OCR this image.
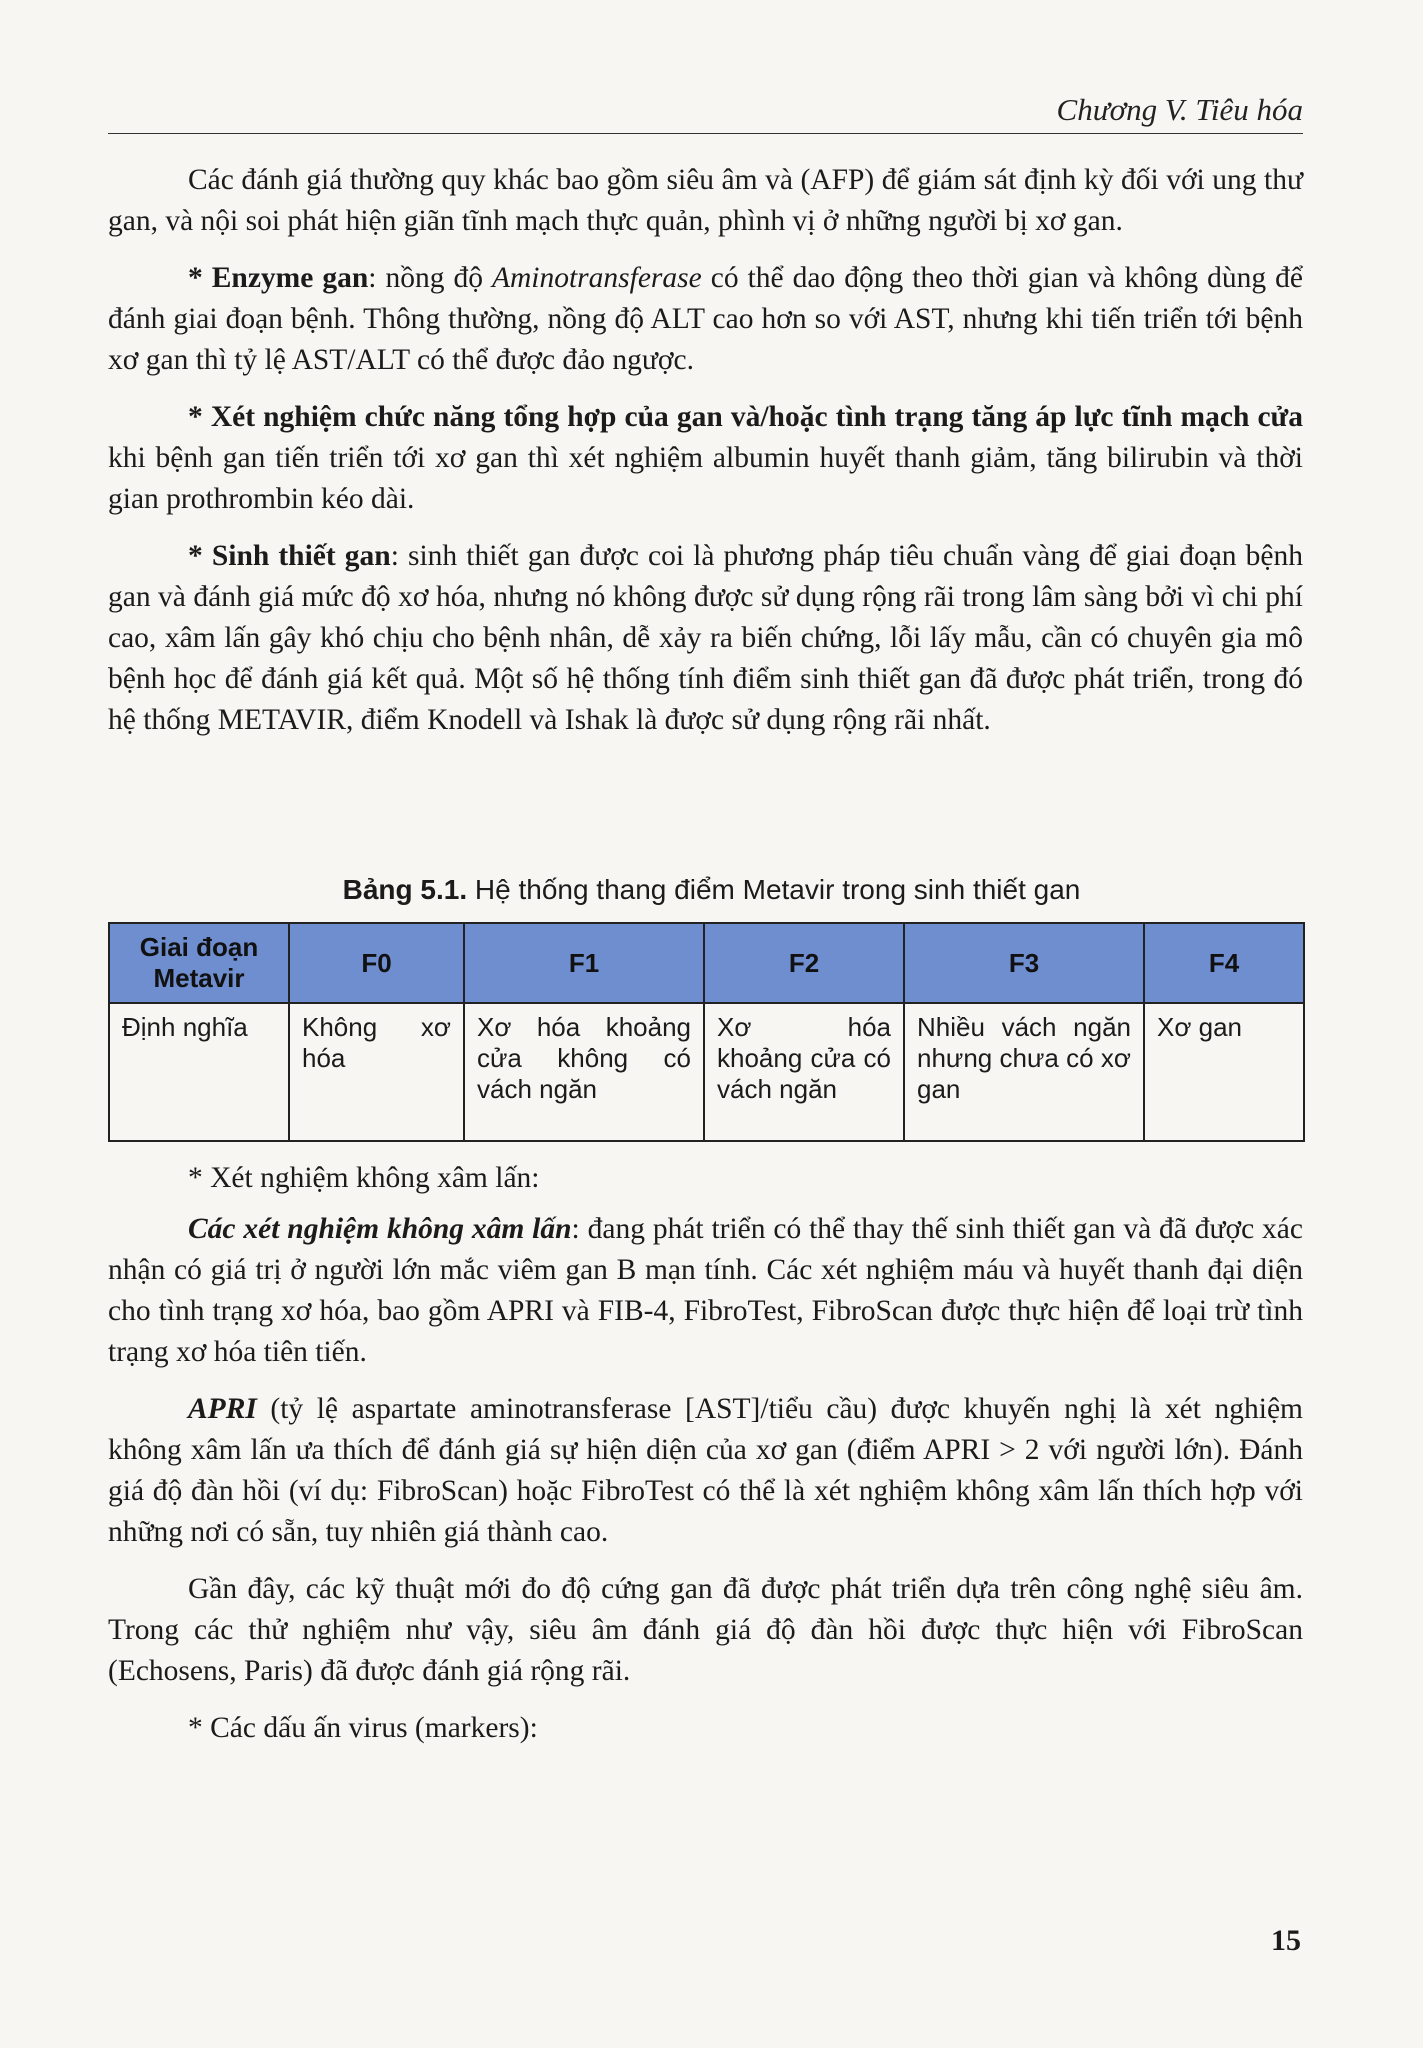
Chương V. Tiêu hóa

Các đánh giá thường quy khác bao gồm siêu âm và (AFP) để giám sát định kỳ đối với ung thư gan, và nội soi phát hiện giãn tĩnh mạch thực quản, phình vị ở những người bị xơ gan.

* Enzyme gan: nồng độ Aminotransferase có thể dao động theo thời gian và không dùng để đánh giai đoạn bệnh. Thông thường, nồng độ ALT cao hơn so với AST, nhưng khi tiến triển tới bệnh xơ gan thì tỷ lệ AST/ALT có thể được đảo ngược.

* Xét nghiệm chức năng tổng hợp của gan và/hoặc tình trạng tăng áp lực tĩnh mạch cửa khi bệnh gan tiến triển tới xơ gan thì xét nghiệm albumin huyết thanh giảm, tăng bilirubin và thời gian prothrombin kéo dài.

* Sinh thiết gan: sinh thiết gan được coi là phương pháp tiêu chuẩn vàng để giai đoạn bệnh gan và đánh giá mức độ xơ hóa, nhưng nó không được sử dụng rộng rãi trong lâm sàng bởi vì chi phí cao, xâm lấn gây khó chịu cho bệnh nhân, dễ xảy ra biến chứng, lỗi lấy mẫu, cần có chuyên gia mô bệnh học để đánh giá kết quả. Một số hệ thống tính điểm sinh thiết gan đã được phát triển, trong đó hệ thống METAVIR, điểm Knodell và Ishak là được sử dụng rộng rãi nhất.

Bảng 5.1. Hệ thống thang điểm Metavir trong sinh thiết gan
Giai đoạn Metavir	F0	F1	F2	F3	F4
Định nghĩa	Không xơ hóa	Xơ hóa khoảng cửa không có vách ngăn	Xơ hóa khoảng cửa có vách ngăn	Nhiều vách ngăn nhưng chưa có xơ gan	Xơ gan

* Xét nghiệm không xâm lấn:

Các xét nghiệm không xâm lấn: đang phát triển có thể thay thế sinh thiết gan và đã được xác nhận có giá trị ở người lớn mắc viêm gan B mạn tính. Các xét nghiệm máu và huyết thanh đại diện cho tình trạng xơ hóa, bao gồm APRI và FIB-4, FibroTest, FibroScan được thực hiện để loại trừ tình trạng xơ hóa tiên tiến.

APRI (tỷ lệ aspartate aminotransferase [AST]/tiểu cầu) được khuyến nghị là xét nghiệm không xâm lấn ưa thích để đánh giá sự hiện diện của xơ gan (điểm APRI > 2 với người lớn). Đánh giá độ đàn hồi (ví dụ: FibroScan) hoặc FibroTest có thể là xét nghiệm không xâm lấn thích hợp với những nơi có sẵn, tuy nhiên giá thành cao.

Gần đây, các kỹ thuật mới đo độ cứng gan đã được phát triển dựa trên công nghệ siêu âm. Trong các thử nghiệm như vậy, siêu âm đánh giá độ đàn hồi được thực hiện với FibroScan (Echosens, Paris) đã được đánh giá rộng rãi.

* Các dấu ấn virus (markers):

15
